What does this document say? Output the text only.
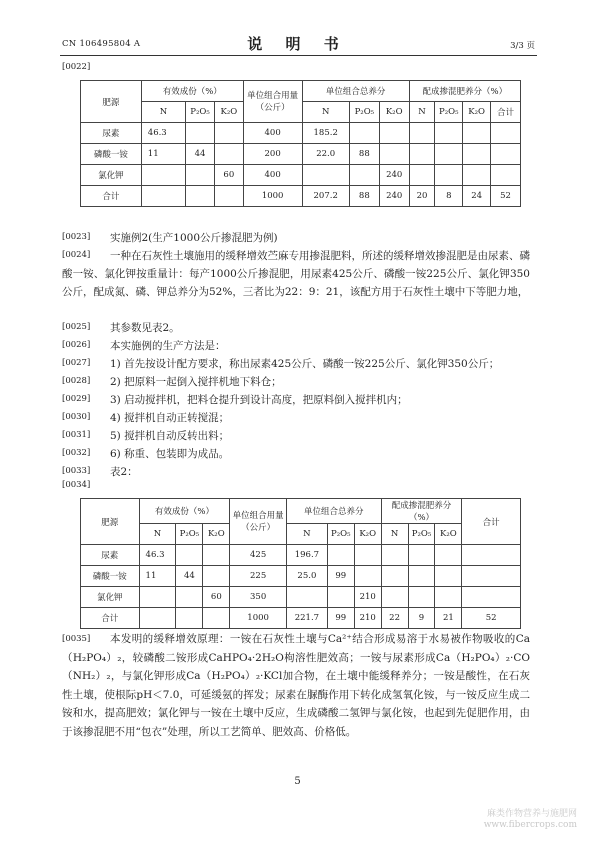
CN 106495804 A	说 明 书	3/3 页
[0022]
肥源	有效成份（%）			单位组合用量（公斤）	单位组合总养分			配成掺混肥养分（%）			
	N	P₂O₅	K₂O		N	P₂O₅	K₂O	N	P₂O₅	K₂O	合计
尿素	46.3			400	185.2						
磷酸一铵	11	44		200	22.0	88					
氯化钾			60	400			240				
合计				1000	207.2	88	240	20	8	24	52
[0023] 实施例2(生产1000公斤掺混肥为例)
[0024]	一种在石灰性土壤施用的缓释增效苎麻专用掺混肥料，所述的缓释增效掺混肥是由尿素、磷酸一铵、氯化钾按重量计：每产1000公斤掺混肥，用尿素425公斤、磷酸一铵225公斤、氯化钾350公斤，配成氮、磷、钾总养分为52%，三者比为22：9：21，该配方用于石灰性土壤中下等肥力地，
[0025] 其参数见表2。
[0026] 本实施例的生产方法是：
[0027] 1) 首先按设计配方要求，称出尿素425公斤、磷酸一铵225公斤、氯化钾350公斤；
[0028] 2) 把原料一起倒入搅拌机地下料仓；
[0029] 3) 启动搅拌机，把料仓提升到设计高度，把原料倒入搅拌机内；
[0030] 4) 搅拌机自动正转搅混；
[0031] 5) 搅拌机自动反转出料；
[0032] 6) 称重、包装即为成品。
[0033] 表2：
[0034]
肥源	有效成份（%）			单位组合用量（公斤）	单位组合总养分			配成掺混肥养分（%）			合计
	N	P₂O₅	K₂O		N	P₂O₅	K₂O	N	P₂O₅	K₂O	
尿素	46.3			425	196.7						
磷酸一铵	11	44		225	25.0	99					
氯化钾			60	350			210				
合计				1000	221.7	99	210	22	9	21	52
[0035]	本发明的缓释增效原理：一铵在石灰性土壤与Ca²⁺结合形成易溶于水易被作物吸收的Ca（H₂PO₄）₂，较磷酸二铵形成CaHPO₄·2H₂O枸溶性肥效高；一铵与尿素形成Ca（H₂PO₄）₂·CO（NH₂）₂，与氯化钾形成Ca（H₂PO₄）₂·KCl加合物，在土壤中能缓释养分；一铵是酸性，在石灰性土壤，使根际pH＜7.0，可延缓氨的挥发；尿素在脲酶作用下转化成氢氧化铵，与一铵反应生成二铵和水，提高肥效；氯化钾与一铵在土壤中反应，生成磷酸二氢钾与氯化铵，也起到先促肥作用，由于该掺混肥不用“包衣”处理，所以工艺简单、肥效高、价格低。
5
麻类作物营养与施肥网
www.fibercrops.com
